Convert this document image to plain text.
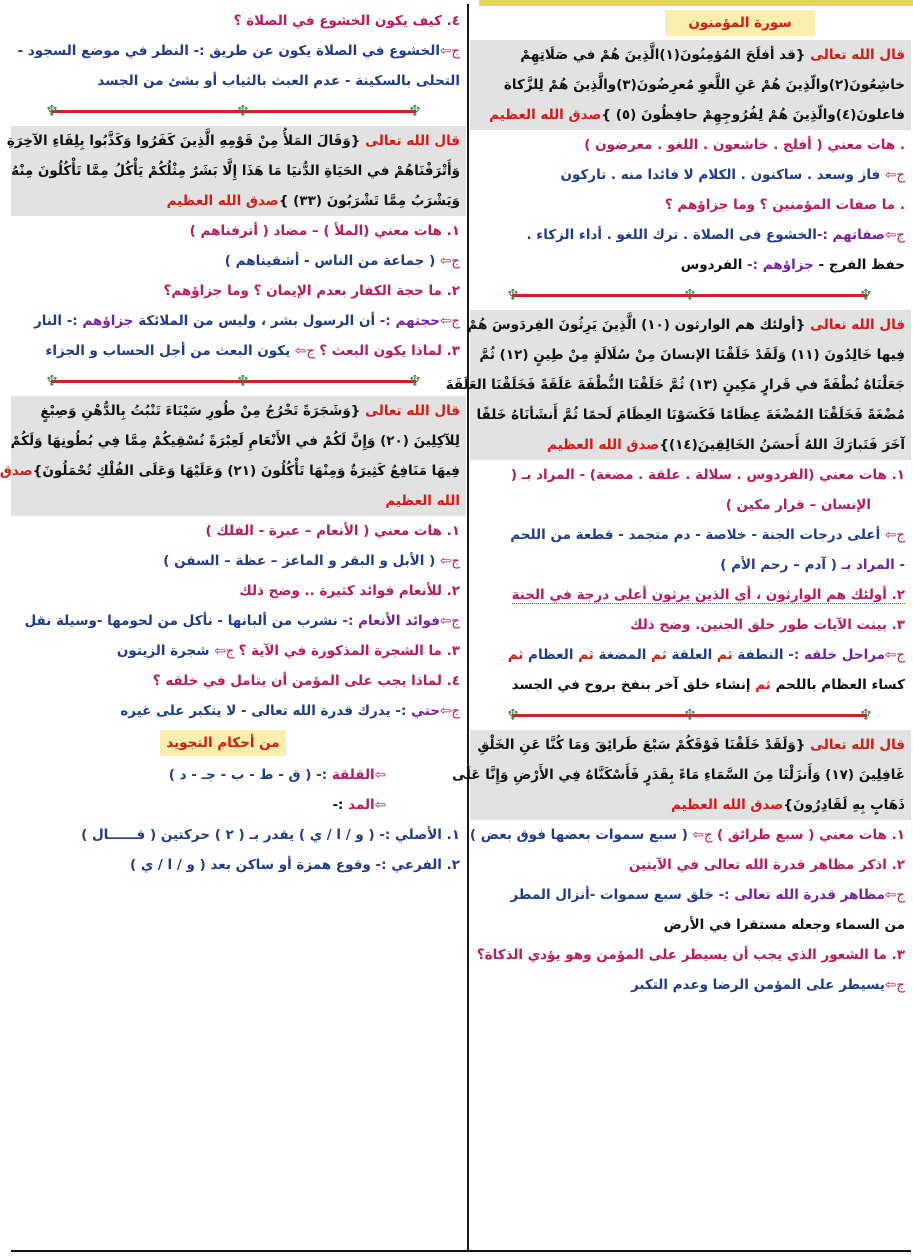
سورة المؤمنون
قال الله تعالى {قد أفلَحَ المُؤمِنُونَ(١)الَّذِينَ هُمْ في صَلَاتِهِمْ
خاشِعُونَ(٢)والّذِينَ هُمْ عَنِ اللَّغوِ مُعرِضُونَ(٣)والَّذِينَ هُمْ لِلزَّكاة
فاعلونَ(٤)والّذِينَ هُمْ لِفُرُوجِهِمْ حافِظُونَ (٥) }صدق الله العظيم
. هات معني ( أفلح . خاشعون . اللغو . معرضون )
ج⇦ فاز وسعد . ساكنون . الكلام لا فائدا منه . تاركون
. ما صفات المؤمنين ؟ وما جزاؤهم ؟
ج⇦صفاتهم :-الخشوع فى الصلاة . ترك اللغو . أداء الزكاء .
حفظ الفرج - جزاؤهم :- الفردوس
♆	♆	♆
قال الله تعالى {أولئك هم الوارثون (١٠) الَّذِينَ يَرِثُونَ الفِردَوسَ هُمْ
فِيها خَالِدُونَ (١١) وَلَقَدْ خَلَقْنَا الإنسانَ مِنْ سُلَالَةٍ مِنْ طِينٍ (١٢) ثُمَّ
جَعَلْنَاهُ نُطْفَةً في قَرارٍ مَكِينٍ (١٣) ثُمَّ خَلَقْنَا النُّطْفَةَ عَلَقَةً فَخَلَقْنَا العَلَقَةَ
مُضْغَةً فَخَلَقْنَا المُضْغَةَ عِظَامًا فَكَسَوْنَا العِظَامَ لَحمًا ثُمَّ أَنشَأنَاهُ خَلقًا
آخَرَ فَتَبارَكَ اللهُ أَحسَنُ الخَالِقِينَ(١٤)}صدق الله العظيم
١. هات معني (الفردوس . سلالة . علقة . مضغة) - المراد بـ (
الإنسان – قرار مكين )
ج⇦ أعلى درجات الجنة - خلاصة - دم متجمد - قطعة من اللحم
- المراد بـ ( آدم – رحم الأم )
٢. أولئك هم الوارثون ، أي الذين يرثون أعلى درجة في الجنة
٣. بينت الآيات طور خلق الجنين. وضح ذلك
ج⇦مراحل خلقه :- النطفة ثم العلقة ثم المضغة ثم العظام ثم
كساء العظام باللحم ثم إنشاء خلق آخر بنفخ بروح في الجسد
♆	♆	♆
قال الله تعالى {وَلَقَدْ خَلَقْنَا فَوْقَكُمْ سَبْعَ طَرائِقَ وَمَا كُنَّا عَنِ الخَلْقِ
غَافِلِينَ (١٧) وَأَنزَلْنَا مِنَ السَّمَاءِ مَاءً بِقَدَرٍ فَأَسْكَنَّاهُ فِي الأَرْضِ وَإِنَّا عَلَى
ذَهَابٍ بِهِ لَقَادِرُونَ}صدق الله العظيم
١. هات معني ( سبع طرائق ) ج⇦ ( سبع سموات بعضها فوق بعض )
٢. اذكر مظاهر قدرة الله تعالى في الآيتين
ج⇦مظاهر قدرة الله تعالى :- خلق سبع سموات -أنزال المطر
من السماء وجعله مستقرا في الأرض
٣. ما الشعور الذي يجب أن يسيطر على المؤمن وهو يؤدي الذكاة؟
ج⇦يسيطر على المؤمن الرضا وعدم التكبر
٤. كيف يكون الخشوع في الصلاة ؟
ج⇦الخشوع في الصلاة يكون عن طريق :- النظر في موضع السجود -
التحلى بالسكينة - عدم العبث بالثياب أو بشئ من الجسد
♆	♆	♆
قال الله تعالى {وَقَالَ المَلأُ مِنْ قَوْمِهِ الَّذِينَ كَفَرُوا وَكَذَّبُوا بِلِقَاءِ الآخِرَةِ
وَأَتْرَفْنَاهُمْ في الحَيَاةِ الدُّنيَا مَا هَذَا إِلَّا بَشَرٌ مِثْلُكُمْ يَأْكُلُ مِمَّا تَأْكُلُونَ مِنْهُ
وَيَشْرَبُ مِمَّا تَشْرَبُونَ (٣٣) }صدق الله العظيم
١. هات معني (الملأ ) – مضاد ( أترفناهم )
ج⇦ ( جماعة من الناس - أشقيناهم )
٢. ما حجة الكفار بعدم الإيمان ؟ وما جزاؤهم؟
ج⇦حجتهم :- أن الرسول بشر ، وليس من الملائكة جزاؤهم :- النار
٣. لماذا يكون البعث ؟ ج⇦ يكون البعث من أجل الحساب و الجزاء
♆	♆	♆
قال الله تعالى {وَشَجَرَةً تَخْرُجُ مِنْ طُورِ سَيْنَاءَ تَنْبُتُ بِالدُّهْنِ وَصِبْغٍ
لِلآكِلِينَ (٢٠) وَإِنَّ لَكُمْ في الأَنْعَامِ لَعِبْرَةً نُسْقِيكُمْ مِمَّا فِي بُطُونِهَا وَلَكُمْ
فِيهَا مَنَافِعُ كَثِيرَةٌ وَمِنْهَا تَأْكُلُونَ (٢١) وَعَلَيْهَا وَعَلَى الفُلْكِ تُحْمَلُونَ}صدق
الله العظيم
١. هات معني ( الأنعام – عبرة - الفلك )
ج⇦ ( الأبل و البقر و الماعز – عظة – السفن )
٢. للأنعام فوائد كثيرة .. وضح ذلك
ج⇦فوائد الأنعام :- نشرب من ألبانها - نأكل من لحومها -وسيلة نقل
٣. ما الشجرة المذكورة في الآية ؟ ج⇦ شجرة الزيتون
٤. لماذا يجب على المؤمن أن يتامل في خلقه ؟
ج⇦حتي :- يدرك قدرة الله تعالى - لا يتكبر على غيره
من أحكام التجويد
⇦القلقة :- ( ق - ط - ب - جـ - د )
⇦المد :-
١. الأصلي :- ( و / ا / ي ) يقدر بـ ( ٢ ) حركتين ( قــــــال )
٢. الفرعي :- وقوع همزة أو ساكن بعد ( و / ا / ي )
